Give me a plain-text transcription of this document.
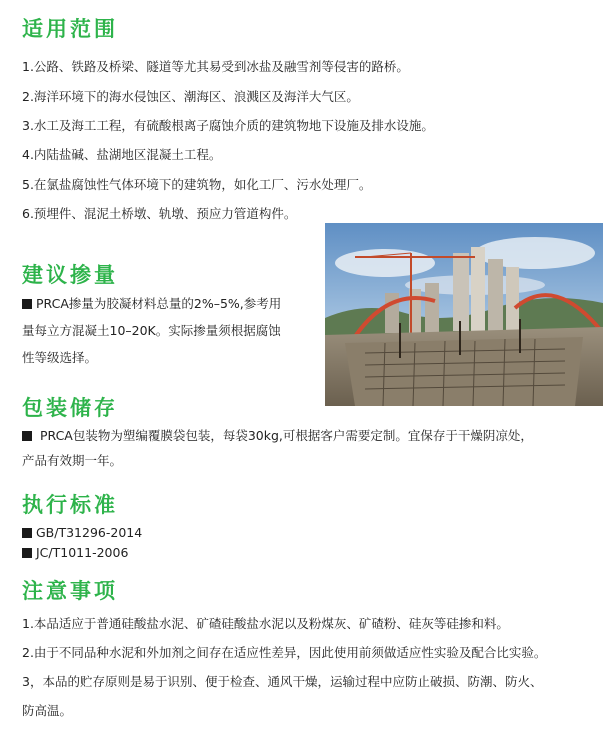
适用范围

1.公路、铁路及桥梁、隧道等尤其易受到冰盐及融雪剂等侵害的路桥。

2.海洋环境下的海水侵蚀区、潮海区、浪溅区及海洋大气区。

3.水工及海工工程，有硫酸根离子腐蚀介质的建筑物地下设施及排水设施。

4.内陆盐碱、盐湖地区混凝土工程。

5.在氯盐腐蚀性气体环境下的建筑物，如化工厂、污水处理厂。

6.预埋件、混泥土桥墩、轨墩、预应力管道构件。

建议掺量

PRCA掺量为胶凝材料总量的2%–5%,参考用

量每立方混凝土10–20K。实际掺量须根据腐蚀

性等级选择。

包装储存

PRCA包装物为塑编覆膜袋包装，每袋30kg,可根据客户需要定制。宜保存于干燥阴凉处，

产品有效期一年。

执行标准

GB/T31296-2014

JC/T1011-2006

注意事项

1.本品适应于普通硅酸盐水泥、矿碴硅酸盐水泥以及粉煤灰、矿碴粉、硅灰等硅掺和料。

2.由于不同品种水泥和外加剂之间存在适应性差异，因此使用前须做适应性实验及配合比实验。

3，本品的贮存原则是易于识别、便于检查、通风干燥，运输过程中应防止破损、防潮、防火、

防高温。
